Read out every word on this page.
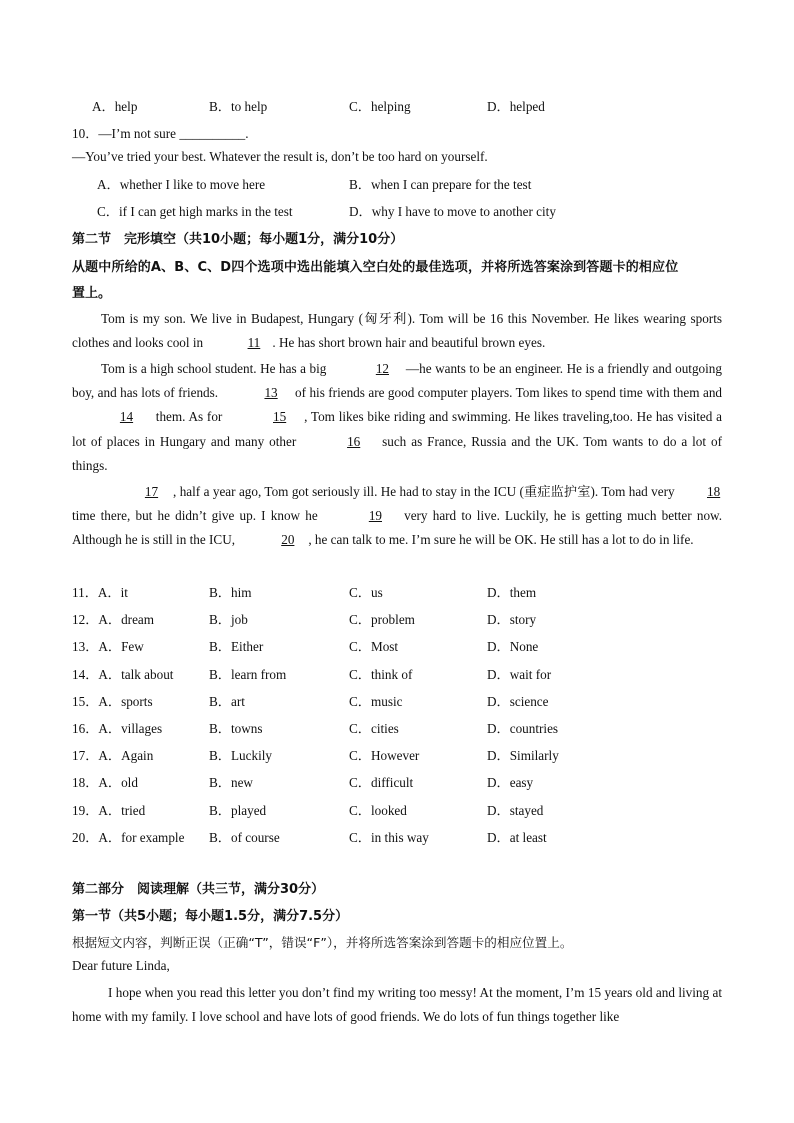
A．help	B．to help	C．helping	D．helped
10．—I’m not sure __________.
—You’ve tried your best. Whatever the result is, don’t be too hard on yourself.
A．whether I like to move here	B．when I can prepare for the test
C．if I can get high marks in the test	D．why I have to move to another city
第二节　完形填空（共10小题；每小题1分，满分10分）
从题中所给的A、B、C、D四个选项中选出能填入空白处的最佳选项，并将所选答案涂到答题卡的相应位
置上。
Tom is my son. We live in Budapest, Hungary (匈牙利). Tom will be 16 this November. He likes wearing sports clothes and looks cool in	11 . He has short brown hair and beautiful brown eyes.
Tom is a high school student. He has a big	12 —he wants to be an engineer. He is a friendly and outgoing boy, and has lots of friends.	13 of his friends are good computer players. Tom likes to spend time with them and 14 them. As for	15 , Tom likes bike riding and swimming. He likes traveling,too. He has visited a lot of places in Hungary and many other	16 such as France, Russia and the UK. Tom wants to do a lot of things.
17 , half a year ago, Tom got seriously ill. He had to stay in the ICU (重症监护室). Tom had very 18 time there, but he didn’t give up. I know he	19 very hard to live. Luckily, he is getting much better now. Although he is still in the ICU,	20 , he can talk to me. I’m sure he will be OK. He still has a lot to do in life.
11．A．it	B．him	C．us	D．them
12．A．dream	B．job	C．problem	D．story
13．A．Few	B．Either	C．Most	D．None
14．A．talk about	B．learn from	C．think of	D．wait for
15．A．sports	B．art	C．music	D．science
16．A．villages	B．towns	C．cities	D．countries
17．A．Again	B．Luckily	C．However	D．Similarly
18．A．old	B．new	C．difficult	D．easy
19．A．tried	B．played	C．looked	D．stayed
20．A．for example B．of course	C．in this way	D．at least
第二部分　阅读理解（共三节，满分30分）
第一节（共5小题；每小题1.5分，满分7.5分）
根据短文内容，判断正误（正确“T”，错误“F”），并将所选答案涂到答题卡的相应位置上。
Dear future Linda,
I hope when you read this letter you don’t find my writing too messy! At the moment, I’m 15 years old and living at home with my family. I love school and have lots of good friends. We do lots of fun things together like
